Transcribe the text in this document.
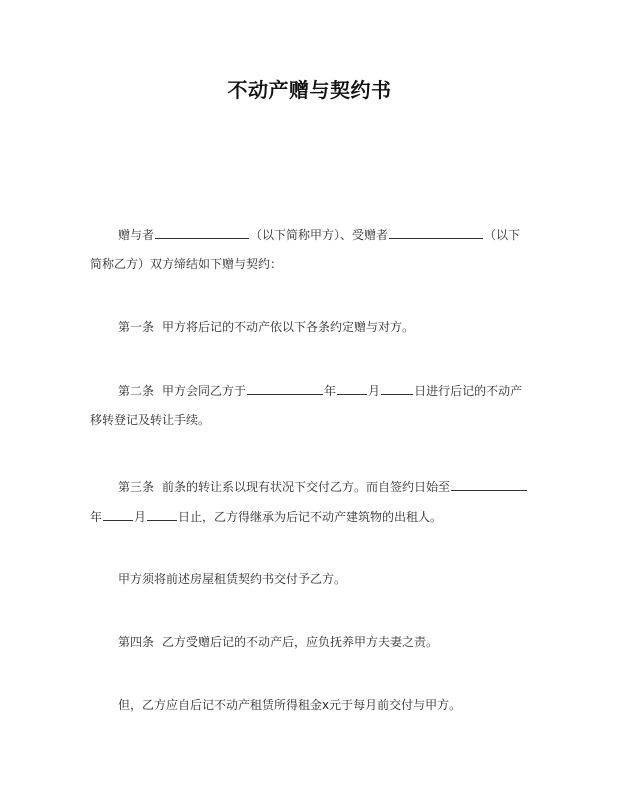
不动产赠与契约书
赠与者	（以下简称甲方）、受赠者	（以下
简称乙方）双方缔结如下赠与契约：
第一条 甲方将后记的不动产依以下各条约定赠与对方。
第二条 甲方会同乙方于	年	月	日进行后记的不动产
移转登记及转让手续。
第三条 前条的转让系以现有状况下交付乙方。而自签约日始至
年	月	日止，乙方得继承为后记不动产建筑物的出租人。
甲方须将前述房屋租赁契约书交付予乙方。
第四条 乙方受赠后记的不动产后，应负抚养甲方夫妻之责。
但，乙方应自后记不动产租赁所得租金x元于每月前交付与甲方。
